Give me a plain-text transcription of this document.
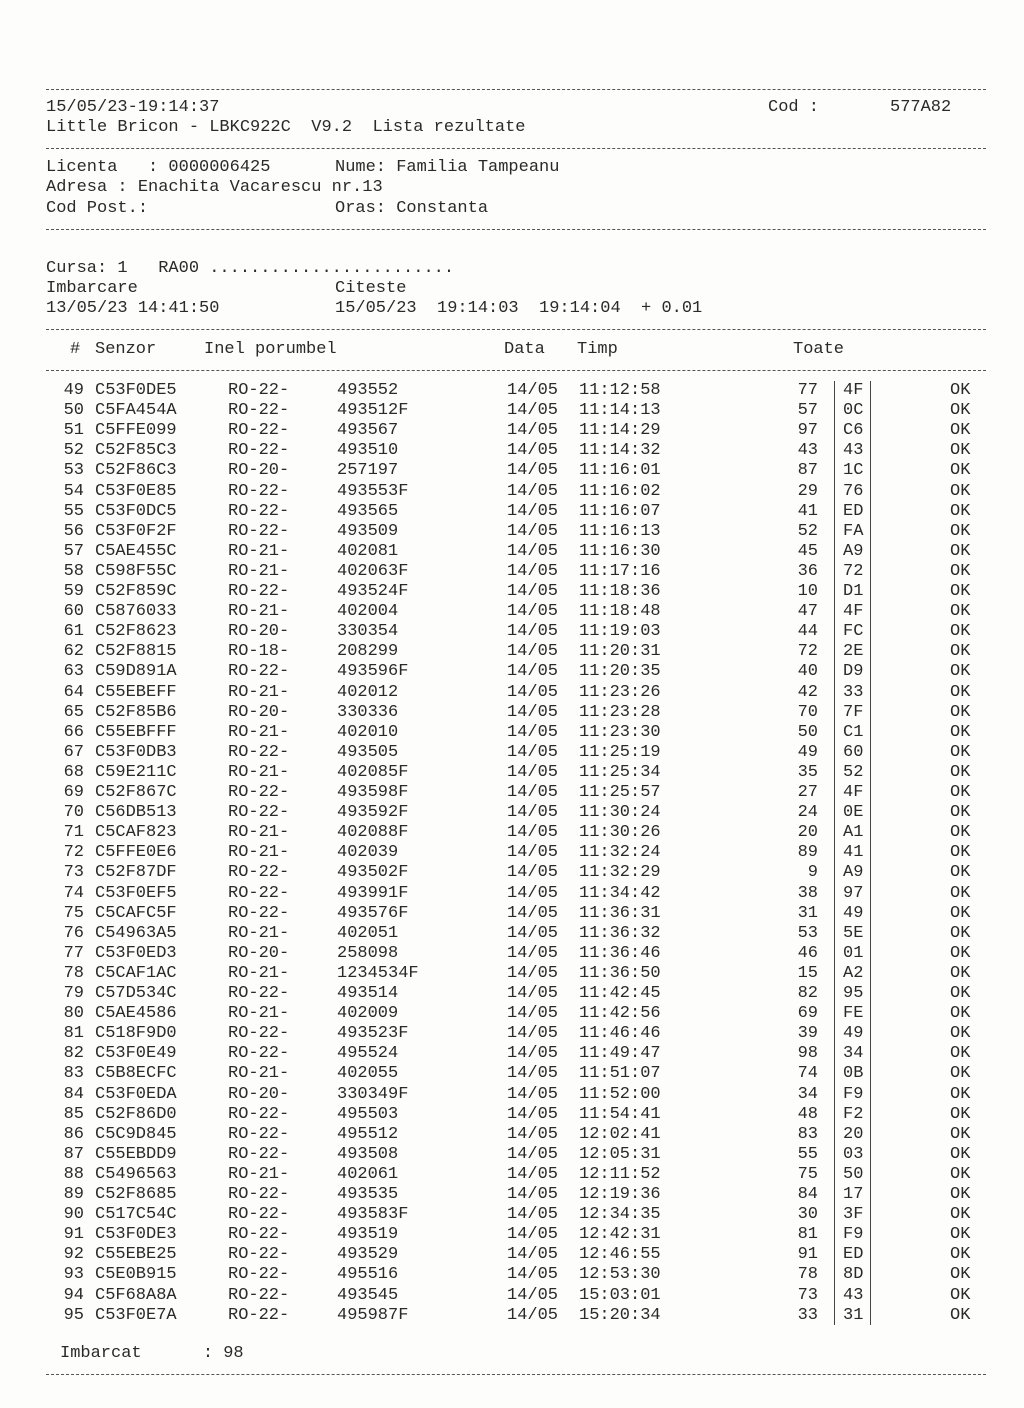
15/05/23-19:14:37	Cod :	577A82
Little Bricon - LBKC922C  V9.2  Lista rezultate
Licenta   : 0000006425	Nume: Familia Tampeanu
Adresa : Enachita Vacarescu nr.13
Cod Post.:	Oras: Constanta
Cursa: 1   RA00 ........................
Imbarcare	Citeste
13/05/23 14:41:50	15/05/23  19:14:03  19:14:04  + 0.01
# Senzor	Inel porumbel	Data Timp	Toate
49 C53F0DE5	RO-22-	493552	14/05 11:12:58	77 4F	OK
50 C5FA454A	RO-22-	493512F	14/05 11:14:13	57 0C	OK
51 C5FFE099	RO-22-	493567	14/05 11:14:29	97 C6	OK
52 C52F85C3	RO-22-	493510	14/05 11:14:32	43 43	OK
53 C52F86C3	RO-20-	257197	14/05 11:16:01	87 1C	OK
54 C53F0E85	RO-22-	493553F	14/05 11:16:02	29 76	OK
55 C53F0DC5	RO-22-	493565	14/05 11:16:07	41 ED	OK
56 C53F0F2F	RO-22-	493509	14/05 11:16:13	52 FA	OK
57 C5AE455C	RO-21-	402081	14/05 11:16:30	45 A9	OK
58 C598F55C	RO-21-	402063F	14/05 11:17:16	36 72	OK
59 C52F859C	RO-22-	493524F	14/05 11:18:36	10 D1	OK
60 C5876033	RO-21-	402004	14/05 11:18:48	47 4F	OK
61 C52F8623	RO-20-	330354	14/05 11:19:03	44 FC	OK
62 C52F8815	RO-18-	208299	14/05 11:20:31	72 2E	OK
63 C59D891A	RO-22-	493596F	14/05 11:20:35	40 D9	OK
64 C55EBEFF	RO-21-	402012	14/05 11:23:26	42 33	OK
65 C52F85B6	RO-20-	330336	14/05 11:23:28	70 7F	OK
66 C55EBFFF	RO-21-	402010	14/05 11:23:30	50 C1	OK
67 C53F0DB3	RO-22-	493505	14/05 11:25:19	49 60	OK
68 C59E211C	RO-21-	402085F	14/05 11:25:34	35 52	OK
69 C52F867C	RO-22-	493598F	14/05 11:25:57	27 4F	OK
70 C56DB513	RO-22-	493592F	14/05 11:30:24	24 0E	OK
71 C5CAF823	RO-21-	402088F	14/05 11:30:26	20 A1	OK
72 C5FFE0E6	RO-21-	402039	14/05 11:32:24	89 41	OK
73 C52F87DF	RO-22-	493502F	14/05 11:32:29	9 A9	OK
74 C53F0EF5	RO-22-	493991F	14/05 11:34:42	38 97	OK
75 C5CAFC5F	RO-22-	493576F	14/05 11:36:31	31 49	OK
76 C54963A5	RO-21-	402051	14/05 11:36:32	53 5E	OK
77 C53F0ED3	RO-20-	258098	14/05 11:36:46	46 01	OK
78 C5CAF1AC	RO-21-	1234534F	14/05 11:36:50	15 A2	OK
79 C57D534C	RO-22-	493514	14/05 11:42:45	82 95	OK
80 C5AE4586	RO-21-	402009	14/05 11:42:56	69 FE	OK
81 C518F9D0	RO-22-	493523F	14/05 11:46:46	39 49	OK
82 C53F0E49	RO-22-	495524	14/05 11:49:47	98 34	OK
83 C5B8ECFC	RO-21-	402055	14/05 11:51:07	74 0B	OK
84 C53F0EDA	RO-20-	330349F	14/05 11:52:00	34 F9	OK
85 C52F86D0	RO-22-	495503	14/05 11:54:41	48 F2	OK
86 C5C9D845	RO-22-	495512	14/05 12:02:41	83 20	OK
87 C55EBDD9	RO-22-	493508	14/05 12:05:31	55 03	OK
88 C5496563	RO-21-	402061	14/05 12:11:52	75 50	OK
89 C52F8685	RO-22-	493535	14/05 12:19:36	84 17	OK
90 C517C54C	RO-22-	493583F	14/05 12:34:35	30 3F	OK
91 C53F0DE3	RO-22-	493519	14/05 12:42:31	81 F9	OK
92 C55EBE25	RO-22-	493529	14/05 12:46:55	91 ED	OK
93 C5E0B915	RO-22-	495516	14/05 12:53:30	78 8D	OK
94 C5F68A8A	RO-22-	493545	14/05 15:03:01	73 43	OK
95 C53F0E7A	RO-22-	495987F	14/05 15:20:34	33 31	OK
Imbarcat      : 98
